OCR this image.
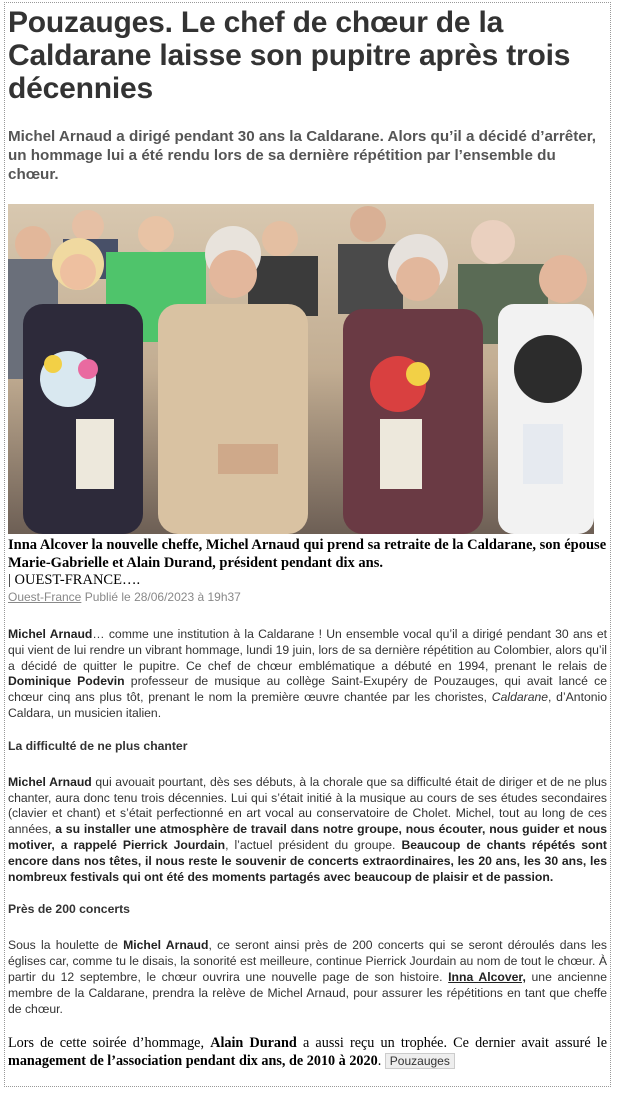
Pouzauges. Le chef de chœur de la Caldarane laisse son pupitre après trois décennies

Michel Arnaud a dirigé pendant 30 ans la Caldarane. Alors qu’il a décidé d’arrêter, un hommage lui a été rendu lors de sa dernière répétition par l’ensemble du chœur.

Inna Alcover la nouvelle cheffe, Michel Arnaud qui prend sa retraite de la Caldarane, son épouse Marie-Gabrielle et Alain Durand, président pendant dix ans.
| OUEST-FRANCE….
Ouest-France Publié le 28/06/2023 à 19h37

Michel Arnaud… comme une institution à la Caldarane ! Un ensemble vocal qu’il a dirigé pendant 30 ans et qui vient de lui rendre un vibrant hommage, lundi 19 juin, lors de sa dernière répétition au Colombier, alors qu’il a décidé de quitter le pupitre. Ce chef de chœur emblématique a débuté en 1994, prenant le relais de Dominique Podevin professeur de musique au collège Saint-Exupéry de Pouzauges, qui avait lancé ce chœur cinq ans plus tôt, prenant le nom la première œuvre chantée par les choristes, Caldarane, d’Antonio Caldara, un musicien italien.

La difficulté de ne plus chanter

Michel Arnaud qui avouait pourtant, dès ses débuts, à la chorale que sa difficulté était de diriger et de ne plus chanter, aura donc tenu trois décennies. Lui qui s’était initié à la musique au cours de ses études secondaires (clavier et chant) et s’était perfectionné en art vocal au conservatoire de Cholet. Michel, tout au long de ces années, a su installer une atmosphère de travail dans notre groupe, nous écouter, nous guider et nous motiver, a rappelé Pierrick Jourdain, l’actuel président du groupe. Beaucoup de chants répétés sont encore dans nos têtes, il nous reste le souvenir de concerts extraordinaires, les 20 ans, les 30 ans, les nombreux festivals qui ont été des moments partagés avec beaucoup de plaisir et de passion.

Près de 200 concerts

Sous la houlette de Michel Arnaud, ce seront ainsi près de 200 concerts qui se seront déroulés dans les églises car, comme tu le disais, la sonorité est meilleure, continue Pierrick Jourdain au nom de tout le chœur. À partir du 12 septembre, le chœur ouvrira une nouvelle page de son histoire. Inna Alcover, une ancienne membre de la Caldarane, prendra la relève de Michel Arnaud, pour assurer les répétitions en tant que cheffe de chœur.

Lors de cette soirée d’hommage, Alain Durand a aussi reçu un trophée. Ce dernier avait assuré le management de l’association pendant dix ans, de 2010 à 2020. Pouzauges
